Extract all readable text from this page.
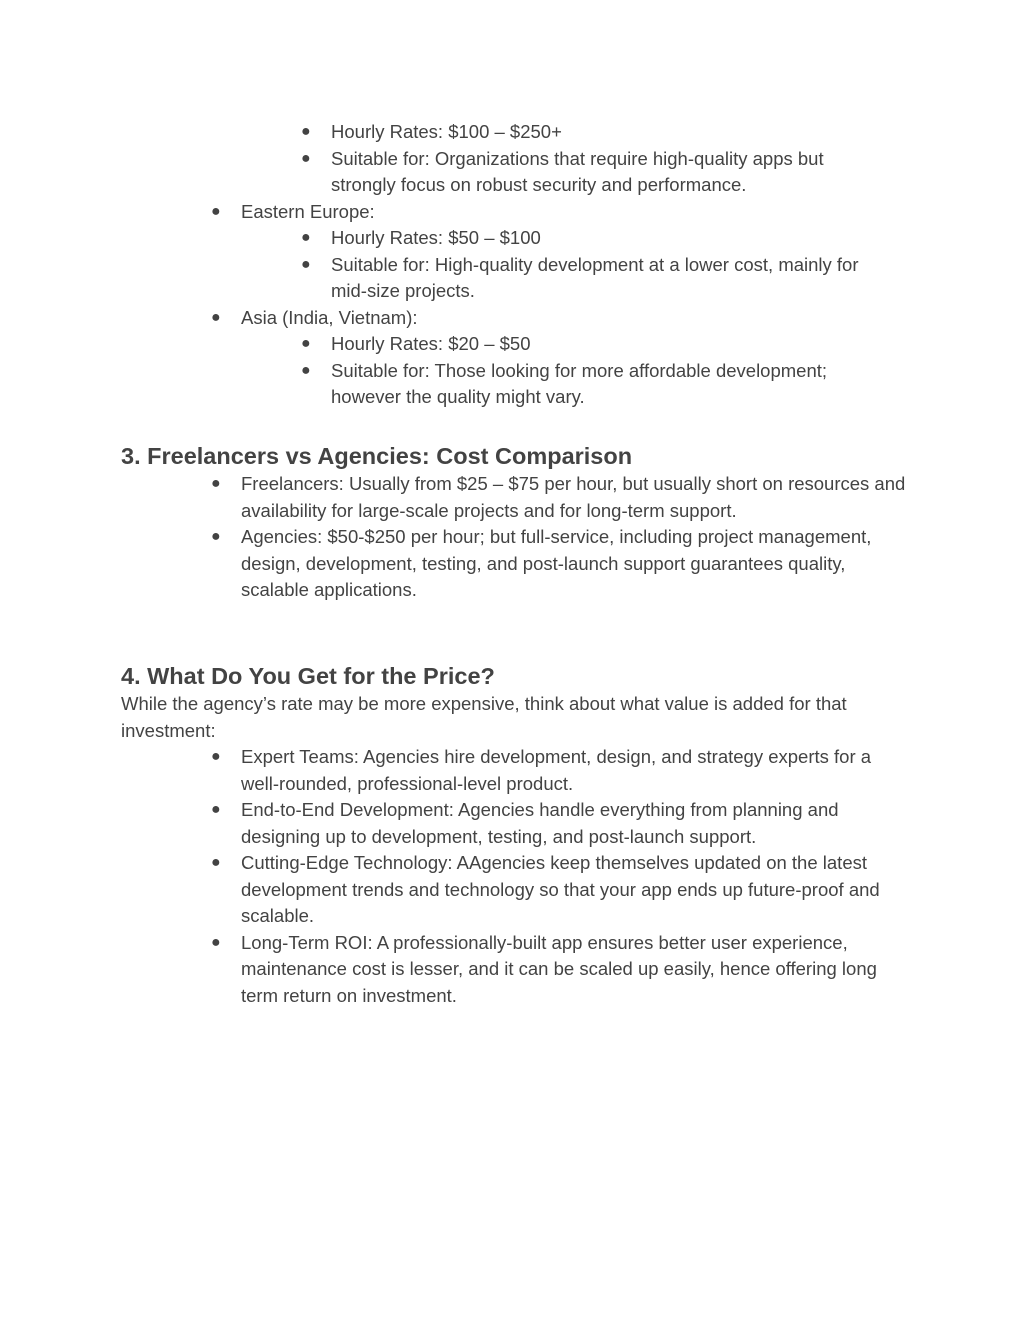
● Hourly Rates: $100 – $250+
● Suitable for: Organizations that require high-quality apps but strongly focus on robust security and performance.
● Eastern Europe:
● Hourly Rates: $50 – $100
● Suitable for: High-quality development at a lower cost, mainly for mid-size projects.
● Asia (India, Vietnam):
● Hourly Rates: $20 – $50
● Suitable for: Those looking for more affordable development; however the quality might vary.
3. Freelancers vs Agencies: Cost Comparison
● Freelancers: Usually from $25 – $75 per hour, but usually short on resources and availability for large-scale projects and for long-term support.
● Agencies: $50-$250 per hour; but full-service, including project management, design, development, testing, and post-launch support guarantees quality, scalable applications.
4. What Do You Get for the Price?

While the agency’s rate may be more expensive, think about what value is added for that investment:

● Expert Teams: Agencies hire development, design, and strategy experts for a well-rounded, professional-level product.
● End-to-End Development: Agencies handle everything from planning and designing up to development, testing, and post-launch support.
● Cutting-Edge Technology: AAgencies keep themselves updated on the latest development trends and technology so that your app ends up future-proof and scalable.
● Long-Term ROI: A professionally-built app ensures better user experience, maintenance cost is lesser, and it can be scaled up easily, hence offering long term return on investment.
